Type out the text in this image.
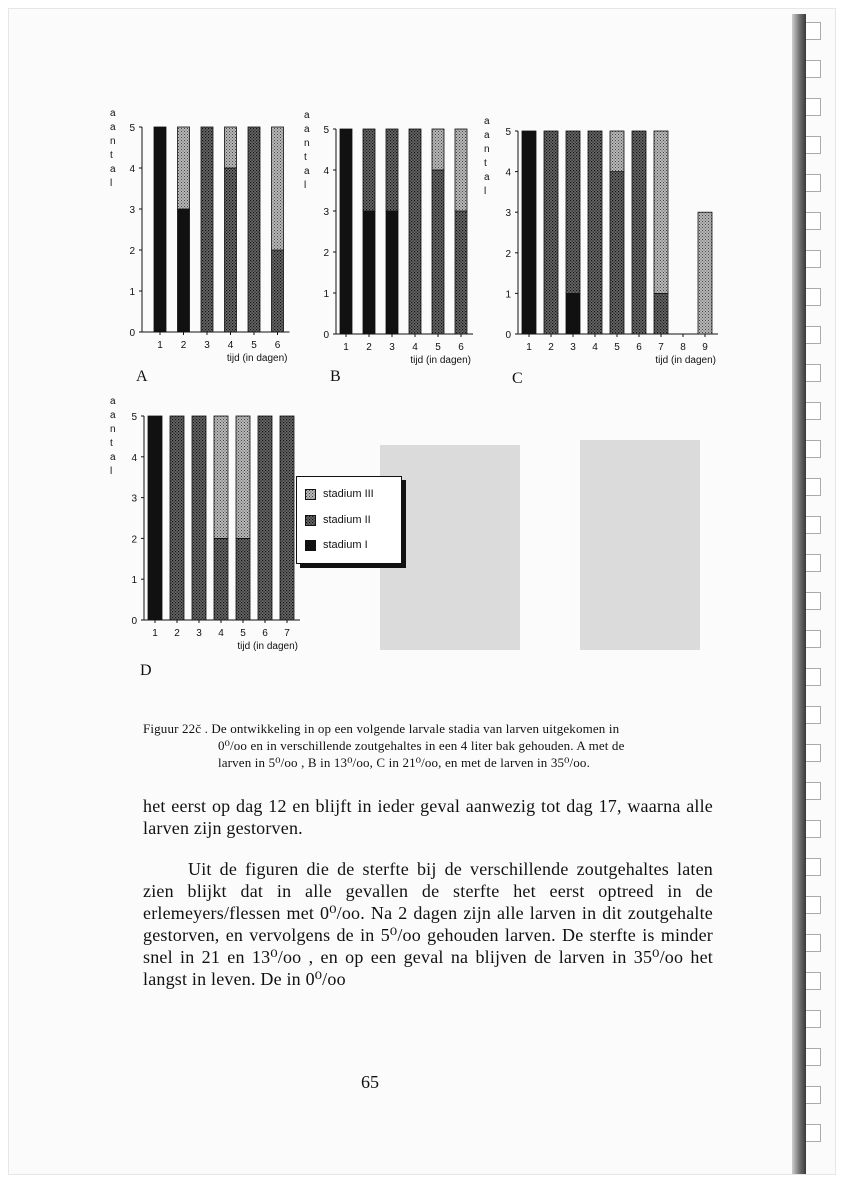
0
1
2
3
4
5
a
a
n
t
a
l
1 2 3 4 5 6
tijd (in dagen)
0
1
2
3
4
5
a
a
n
t
a
l
1 2 3 4 5 6
tijd (in dagen)
0
1
2
3
4
5
a
a
n
t
a
l
1 2 3 4 5 6 7 8 9
tijd (in dagen)
0
1
2
3
4
5
a
a
n
t
a
l
1 2 3 4 5 6 7
tijd (in dagen)
A	B	C
D
stadium III
stadium II
stadium I
Figuur 22č . De ontwikkeling in op een volgende larvale stadia van larven uitgekomen in
0⁰/oo en in verschillende zoutgehaltes in een 4 liter bak gehouden. A met de
larven in 5⁰/oo , B in 13⁰/oo, C in 21⁰/oo, en met de larven in 35⁰/oo.
het eerst op dag 12 en blijft in ieder geval aanwezig tot dag 17, waarna alle larven zijn gestorven.
Uit de figuren die de sterfte bij de verschillende zoutgehaltes laten zien blijkt dat in alle gevallen de sterfte het eerst optreed in de erlemeyers/flessen met 0⁰/oo. Na 2 dagen zijn alle larven in dit zoutgehalte gestorven, en vervolgens de in 5⁰/oo gehouden larven. De sterfte is minder snel in 21 en 13⁰/oo , en op een geval na blijven de larven in 35⁰/oo het langst in leven. De in 0⁰/oo
65
